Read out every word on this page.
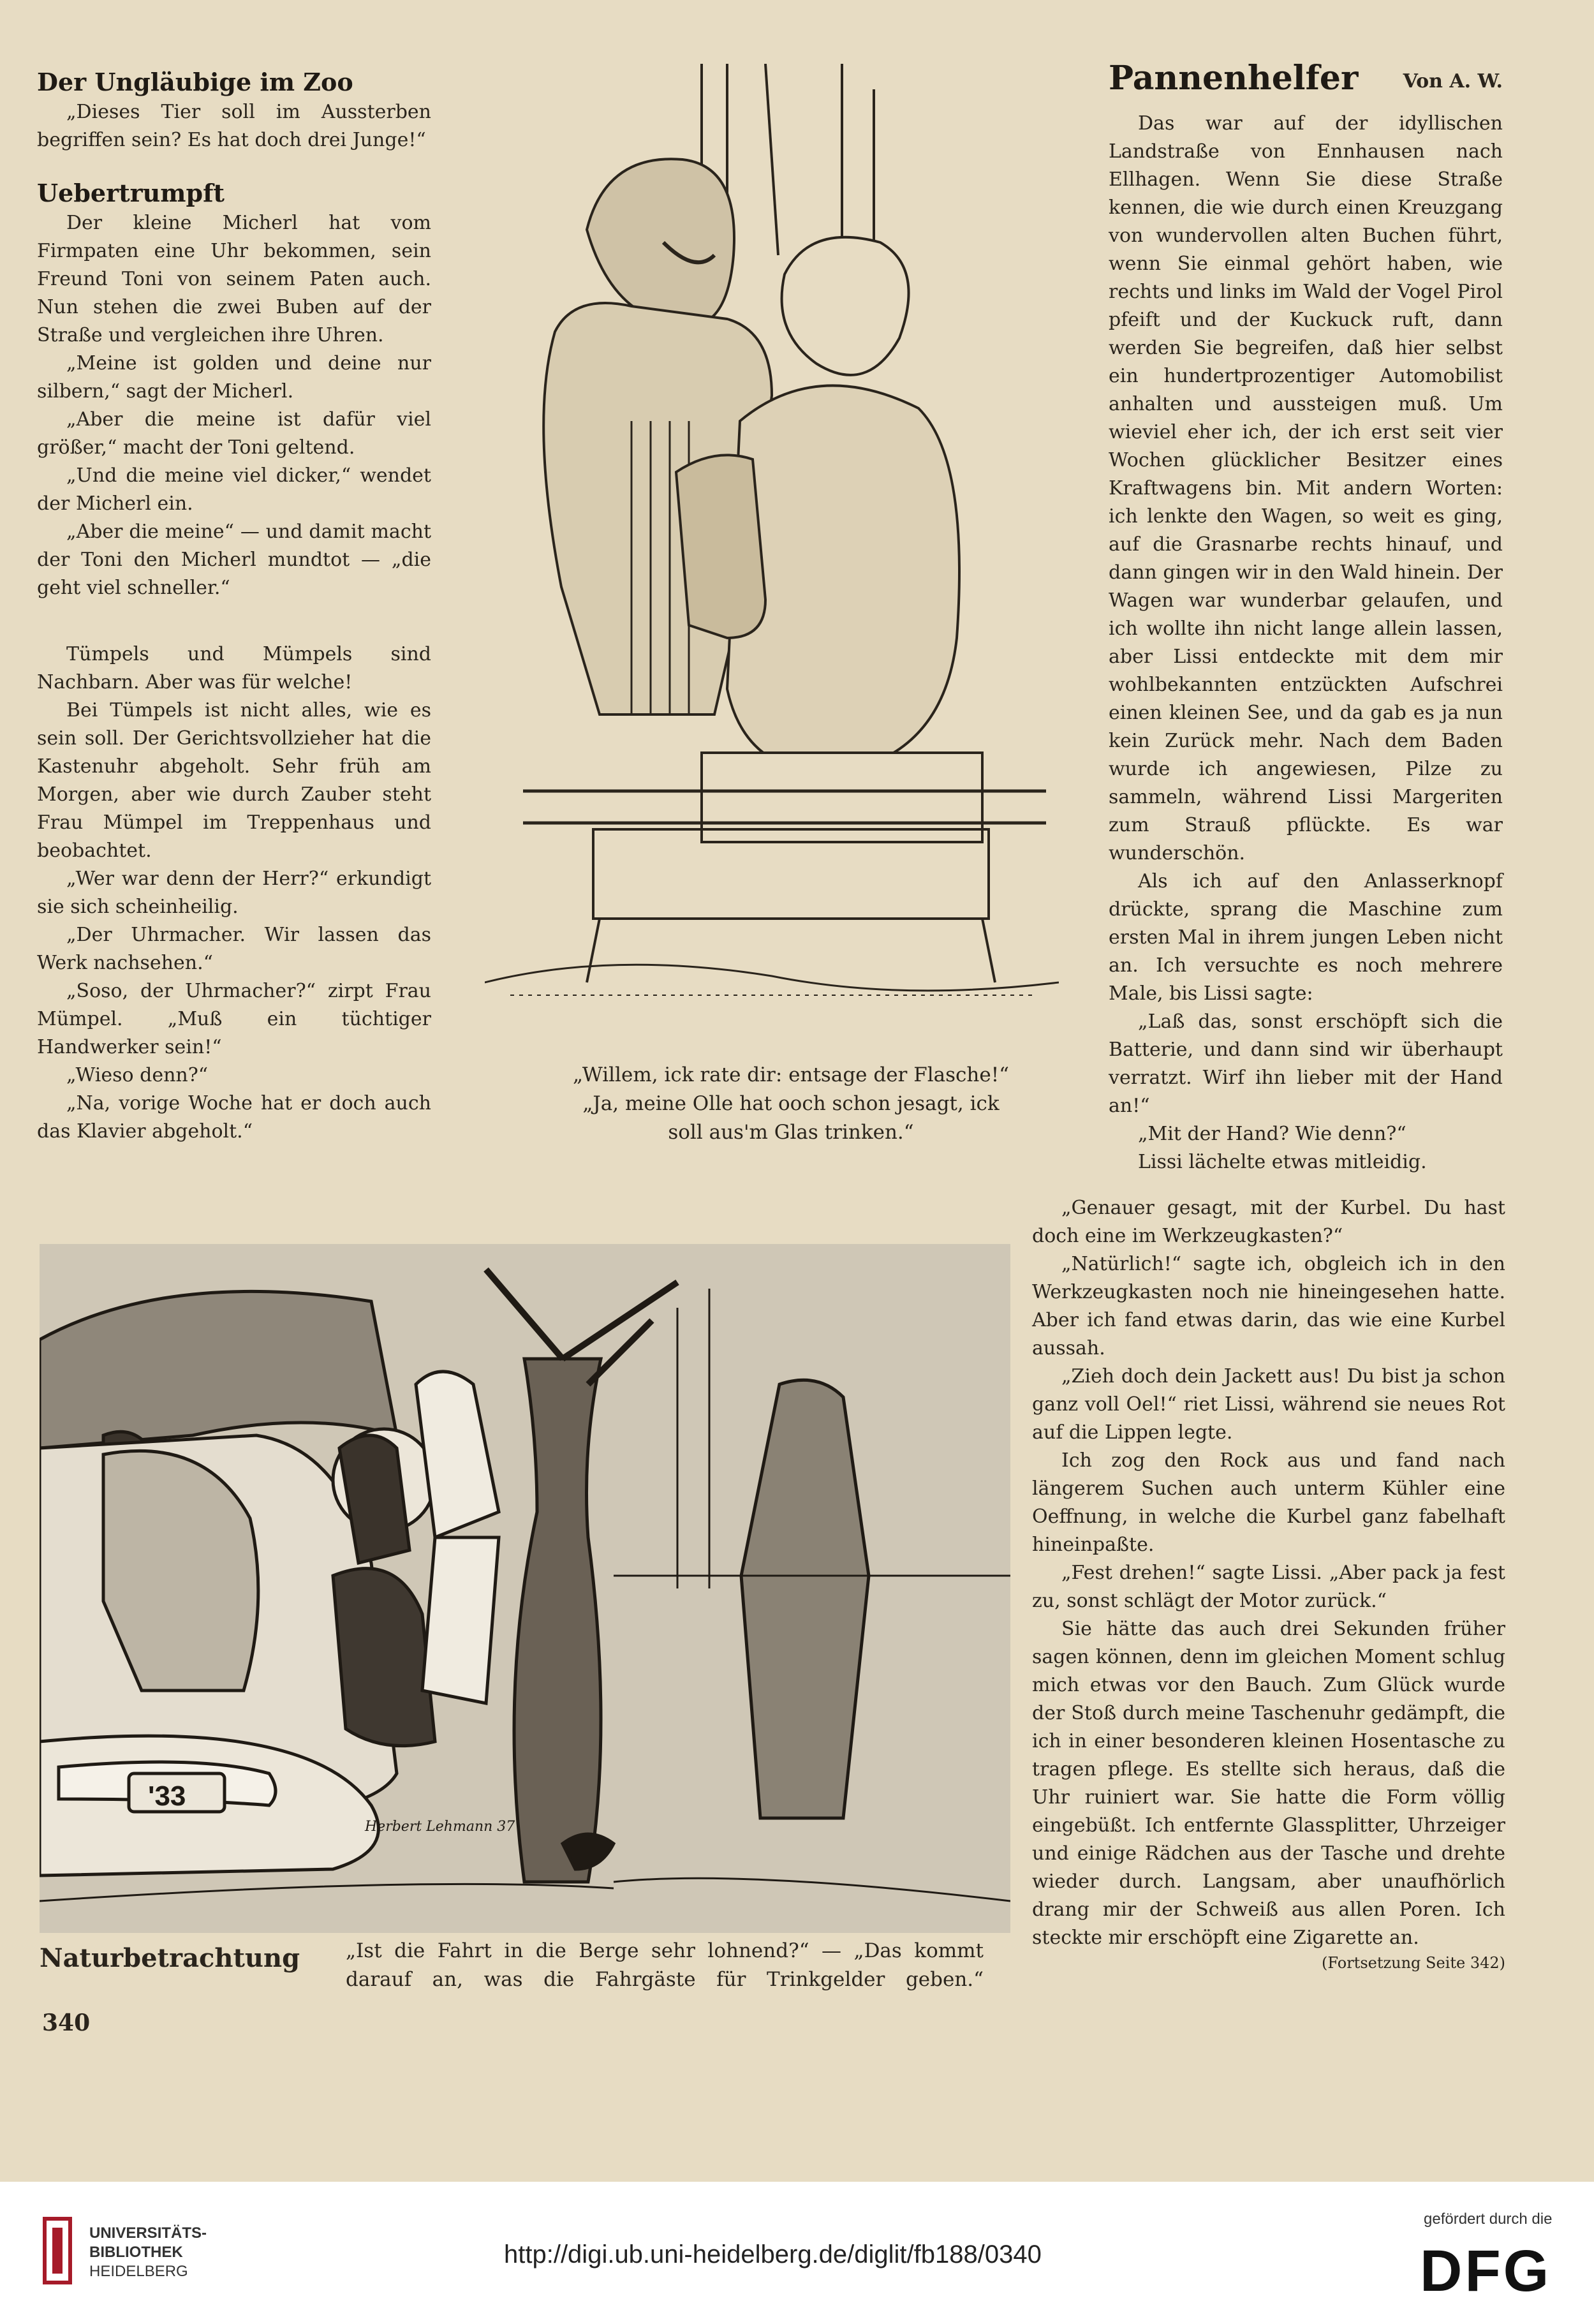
Der Ungläubige im Zoo

„Dieses Tier soll im Aussterben begriffen sein? Es hat doch drei Junge!“

Uebertrumpft

Der kleine Micherl hat vom Firmpaten eine Uhr bekommen, sein Freund Toni von seinem Paten auch. Nun stehen die zwei Buben auf der Straße und vergleichen ihre Uhren.

„Meine ist golden und deine nur silbern,“ sagt der Micherl.

„Aber die meine ist dafür viel größer,“ macht der Toni geltend.

„Und die meine viel dicker,“ wendet der Micherl ein.

„Aber die meine“ — und damit macht der Toni den Micherl mundtot — „die geht viel schneller.“

Tümpels und Mümpels sind Nachbarn. Aber was für welche!

Bei Tümpels ist nicht alles, wie es sein soll. Der Gerichtsvollzieher hat die Kastenuhr abgeholt. Sehr früh am Morgen, aber wie durch Zauber steht Frau Mümpel im Treppenhaus und beobachtet.

„Wer war denn der Herr?“ erkundigt sie sich scheinheilig.

„Der Uhrmacher. Wir lassen das Werk nachsehen.“

„Soso, der Uhrmacher?“ zirpt Frau Mümpel. „Muß ein tüchtiger Handwerker sein!“

„Wieso denn?“

„Na, vorige Woche hat er doch auch das Klavier abgeholt.“

„Willem, ick rate dir: entsage der Flasche!“
„Ja, meine Olle hat ooch schon jesagt, ick
soll aus'm Glas trinken.“
Pannenhelfer Von A. W.

Das war auf der idyllischen Landstraße von Ennhausen nach Ellhagen. Wenn Sie diese Straße kennen, die wie durch einen Kreuzgang von wundervollen alten Buchen führt, wenn Sie einmal gehört haben, wie rechts und links im Wald der Vogel Pirol pfeift und der Kuckuck ruft, dann werden Sie begreifen, daß hier selbst ein hundertprozentiger Automobilist anhalten und aussteigen muß. Um wieviel eher ich, der ich erst seit vier Wochen glücklicher Besitzer eines Kraftwagens bin. Mit andern Worten: ich lenkte den Wagen, so weit es ging, auf die Grasnarbe rechts hinauf, und dann gingen wir in den Wald hinein. Der Wagen war wunderbar gelaufen, und ich wollte ihn nicht lange allein lassen, aber Lissi entdeckte mit dem mir wohlbekannten entzückten Aufschrei einen kleinen See, und da gab es ja nun kein Zurück mehr. Nach dem Baden wurde ich angewiesen, Pilze zu sammeln, während Lissi Margeriten zum Strauß pflückte. Es war wunderschön.

Als ich auf den Anlasserknopf drückte, sprang die Maschine zum ersten Mal in ihrem jungen Leben nicht an. Ich versuchte es noch mehrere Male, bis Lissi sagte:

„Laß das, sonst erschöpft sich die Batterie, und dann sind wir überhaupt verratzt. Wirf ihn lieber mit der Hand an!“

„Mit der Hand? Wie denn?“

Lissi lächelte etwas mitleidig.

„Genauer gesagt, mit der Kurbel. Du hast doch eine im Werkzeugkasten?“

„Natürlich!“ sagte ich, obgleich ich in den Werkzeugkasten noch nie hineingesehen hatte. Aber ich fand etwas darin, das wie eine Kurbel aussah.

„Zieh doch dein Jackett aus! Du bist ja schon ganz voll Oel!“ riet Lissi, während sie neues Rot auf die Lippen legte.

Ich zog den Rock aus und fand nach längerem Suchen auch unterm Kühler eine Oeffnung, in welche die Kurbel ganz fabelhaft hineinpaßte.

„Fest drehen!“ sagte Lissi. „Aber pack ja fest zu, sonst schlägt der Motor zurück.“

Sie hätte das auch drei Sekunden früher sagen können, denn im gleichen Moment schlug mich etwas vor den Bauch. Zum Glück wurde der Stoß durch meine Taschenuhr gedämpft, die ich in einer besonderen kleinen Hosentasche zu tragen pflege. Es stellte sich heraus, daß die Uhr ruiniert war. Sie hatte die Form völlig eingebüßt. Ich entfernte Glassplitter, Uhrzeiger und einige Rädchen aus der Tasche und drehte wieder durch. Langsam, aber unaufhörlich drang mir der Schweiß aus allen Poren. Ich steckte mir erschöpft eine Zigarette an.

(Fortsetzung Seite 342)
'33
Herbert Lehmann 37
Naturbetrachtung „Ist die Fahrt in die Berge sehr lohnend?“ — „Das kommt
darauf an, was die Fahrgäste für Trinkgelder geben.“
340
UNIVERSITÄTS-
BIBLIOTHEK
HEIDELBERG
http://digi.ub.uni-heidelberg.de/diglit/fb188/0340
gefördert durch die
DFG
